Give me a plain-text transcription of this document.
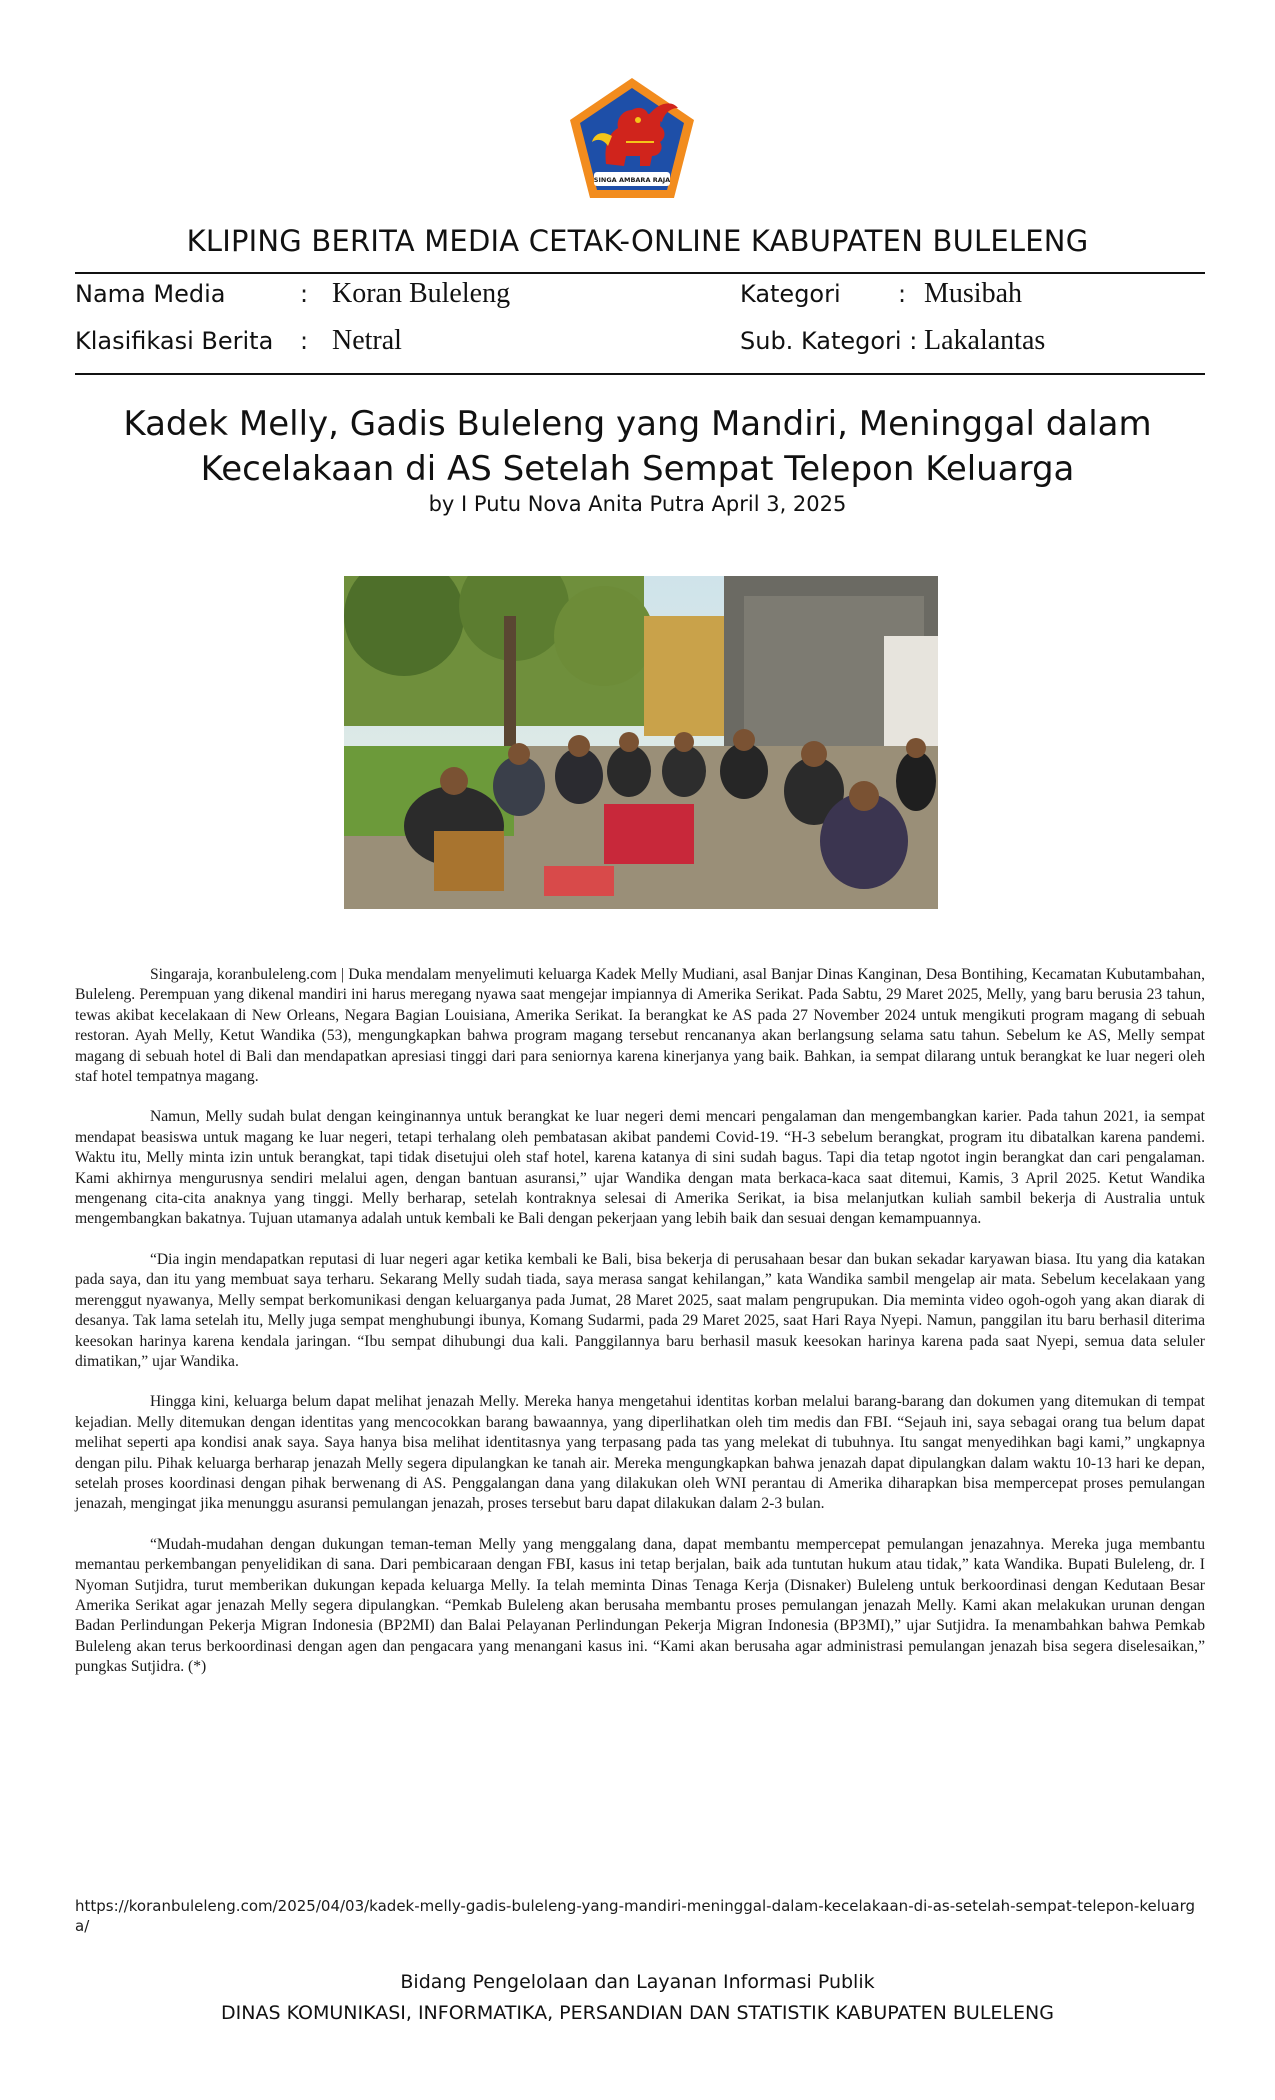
SINGA AMBARA RAJA
KLIPING BERITA MEDIA CETAK-ONLINE KABUPATEN BULELENG
Nama Media	: Koran Buleleng
Klasifikasi Berita : Netral
Kategori : Musibah
Sub. Kategori : Lakalantas
Kadek Melly, Gadis Buleleng yang Mandiri, Meninggal dalam Kecelakaan di AS Setelah Sempat Telepon Keluarga
by I Putu Nova Anita Putra April 3, 2025

Singaraja, koranbuleleng.com | Duka mendalam menyelimuti keluarga Kadek Melly Mudiani, asal Banjar Dinas Kanginan, Desa Bontihing, Kecamatan Kubutambahan, Buleleng. Perempuan yang dikenal mandiri ini harus meregang nyawa saat mengejar impiannya di Amerika Serikat. Pada Sabtu, 29 Maret 2025, Melly, yang baru berusia 23 tahun, tewas akibat kecelakaan di New Orleans, Negara Bagian Louisiana, Amerika Serikat. Ia berangkat ke AS pada 27 November 2024 untuk mengikuti program magang di sebuah restoran. Ayah Melly, Ketut Wandika (53), mengungkapkan bahwa program magang tersebut rencananya akan berlangsung selama satu tahun. Sebelum ke AS, Melly sempat magang di sebuah hotel di Bali dan mendapatkan apresiasi tinggi dari para seniornya karena kinerjanya yang baik. Bahkan, ia sempat dilarang untuk berangkat ke luar negeri oleh staf hotel tempatnya magang.

Namun, Melly sudah bulat dengan keinginannya untuk berangkat ke luar negeri demi mencari pengalaman dan mengembangkan karier. Pada tahun 2021, ia sempat mendapat beasiswa untuk magang ke luar negeri, tetapi terhalang oleh pembatasan akibat pandemi Covid-19. “H-3 sebelum berangkat, program itu dibatalkan karena pandemi. Waktu itu, Melly minta izin untuk berangkat, tapi tidak disetujui oleh staf hotel, karena katanya di sini sudah bagus. Tapi dia tetap ngotot ingin berangkat dan cari pengalaman. Kami akhirnya mengurusnya sendiri melalui agen, dengan bantuan asuransi,” ujar Wandika dengan mata berkaca-kaca saat ditemui, Kamis, 3 April 2025. Ketut Wandika mengenang cita-cita anaknya yang tinggi. Melly berharap, setelah kontraknya selesai di Amerika Serikat, ia bisa melanjutkan kuliah sambil bekerja di Australia untuk mengembangkan bakatnya. Tujuan utamanya adalah untuk kembali ke Bali dengan pekerjaan yang lebih baik dan sesuai dengan kemampuannya.

“Dia ingin mendapatkan reputasi di luar negeri agar ketika kembali ke Bali, bisa bekerja di perusahaan besar dan bukan sekadar karyawan biasa. Itu yang dia katakan pada saya, dan itu yang membuat saya terharu. Sekarang Melly sudah tiada, saya merasa sangat kehilangan,” kata Wandika sambil mengelap air mata. Sebelum kecelakaan yang merenggut nyawanya, Melly sempat berkomunikasi dengan keluarganya pada Jumat, 28 Maret 2025, saat malam pengrupukan. Dia meminta video ogoh-ogoh yang akan diarak di desanya. Tak lama setelah itu, Melly juga sempat menghubungi ibunya, Komang Sudarmi, pada 29 Maret 2025, saat Hari Raya Nyepi. Namun, panggilan itu baru berhasil diterima keesokan harinya karena kendala jaringan. “Ibu sempat dihubungi dua kali. Panggilannya baru berhasil masuk keesokan harinya karena pada saat Nyepi, semua data seluler dimatikan,” ujar Wandika.

Hingga kini, keluarga belum dapat melihat jenazah Melly. Mereka hanya mengetahui identitas korban melalui barang-barang dan dokumen yang ditemukan di tempat kejadian. Melly ditemukan dengan identitas yang mencocokkan barang bawaannya, yang diperlihatkan oleh tim medis dan FBI. “Sejauh ini, saya sebagai orang tua belum dapat melihat seperti apa kondisi anak saya. Saya hanya bisa melihat identitasnya yang terpasang pada tas yang melekat di tubuhnya. Itu sangat menyedihkan bagi kami,” ungkapnya dengan pilu. Pihak keluarga berharap jenazah Melly segera dipulangkan ke tanah air. Mereka mengungkapkan bahwa jenazah dapat dipulangkan dalam waktu 10-13 hari ke depan, setelah proses koordinasi dengan pihak berwenang di AS. Penggalangan dana yang dilakukan oleh WNI perantau di Amerika diharapkan bisa mempercepat proses pemulangan jenazah, mengingat jika menunggu asuransi pemulangan jenazah, proses tersebut baru dapat dilakukan dalam 2-3 bulan.

“Mudah-mudahan dengan dukungan teman-teman Melly yang menggalang dana, dapat membantu mempercepat pemulangan jenazahnya. Mereka juga membantu memantau perkembangan penyelidikan di sana. Dari pembicaraan dengan FBI, kasus ini tetap berjalan, baik ada tuntutan hukum atau tidak,” kata Wandika. Bupati Buleleng, dr. I Nyoman Sutjidra, turut memberikan dukungan kepada keluarga Melly. Ia telah meminta Dinas Tenaga Kerja (Disnaker) Buleleng untuk berkoordinasi dengan Kedutaan Besar Amerika Serikat agar jenazah Melly segera dipulangkan. “Pemkab Buleleng akan berusaha membantu proses pemulangan jenazah Melly. Kami akan melakukan urunan dengan Badan Perlindungan Pekerja Migran Indonesia (BP2MI) dan Balai Pelayanan Perlindungan Pekerja Migran Indonesia (BP3MI),” ujar Sutjidra. Ia menambahkan bahwa Pemkab Buleleng akan terus berkoordinasi dengan agen dan pengacara yang menangani kasus ini. “Kami akan berusaha agar administrasi pemulangan jenazah bisa segera diselesaikan,” pungkas Sutjidra. (*)

https://koranbuleleng.com/2025/04/03/kadek-melly-gadis-buleleng-yang-mandiri-meninggal-dalam-kecelakaan-di-as-setelah-sempat-telepon-keluarga/
Bidang Pengelolaan dan Layanan Informasi Publik
DINAS KOMUNIKASI, INFORMATIKA, PERSANDIAN DAN STATISTIK KABUPATEN BULELENG
